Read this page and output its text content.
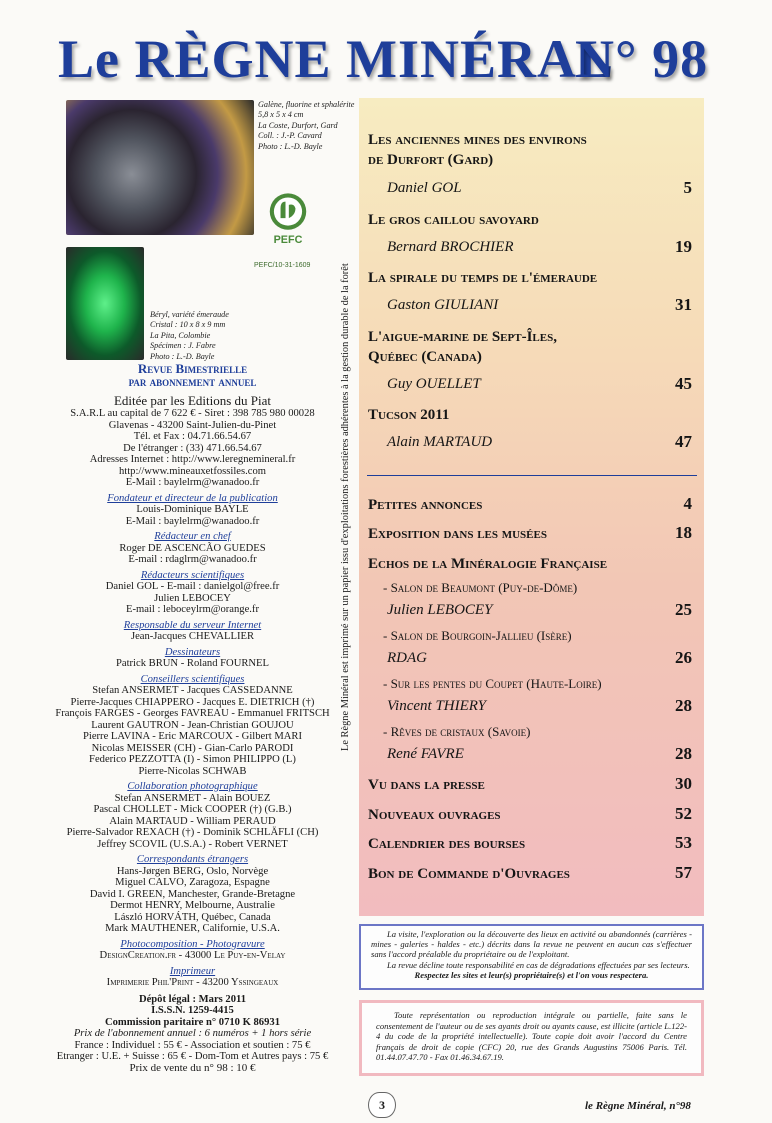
Le RÈGNE MINÉRAL
N° 98
Galène, fluorine et sphalérite
5,8 x 5 x 4 cm
La Coste, Durfort, Gard
Coll. : J.-P. Cavard
Photo : L.-D. Bayle
Béryl, variété émeraude
Cristal : 10 x 8 x 9 mm
La Pita, Colombie
Spécimen : J. Fabre
Photo : L.-D. Bayle
PEFC
PEFC/10-31-1609
Revue Bimestrielle
par abonnement annuel
Editée par les Editions du Piat
S.A.R.L au capital de 7 622 € - Siret : 398 785 980 00028
Glavenas - 43200 Saint-Julien-du-Pinet
Tél. et Fax : 04.71.66.54.67
De l'étranger : (33) 471.66.54.67
Adresses Internet : http://www.leregnemineral.fr
http://www.mineauxetfossiles.com
E-Mail : baylelrm@wanadoo.fr
Fondateur et directeur de la publication
Louis-Dominique BAYLE
E-Mail : baylelrm@wanadoo.fr
Rédacteur en chef
Roger DE ASCENCÃO GUEDES
E-mail : rdaglrm@wanadoo.fr
Rédacteurs scientifiques
Daniel GOL - E-mail : danielgol@free.fr
Julien LEBOCEY
E-mail : leboceylrm@orange.fr
Responsable du serveur Internet
Jean-Jacques CHEVALLIER
Dessinateurs
Patrick BRUN - Roland FOURNEL
Conseillers scientifiques
Stefan ANSERMET - Jacques CASSEDANNE
Pierre-Jacques CHIAPPERO - Jacques E. DIETRICH (†)
François FARGES - Georges FAVREAU - Emmanuel FRITSCH
Laurent GAUTRON - Jean-Christian GOUJOU
Pierre LAVINA - Eric MARCOUX - Gilbert MARI
Nicolas MEISSER (CH) - Gian-Carlo PARODI
Federico PEZZOTTA (I) - Simon PHILIPPO (L)
Pierre-Nicolas SCHWAB
Collaboration photographique
Stefan ANSERMET - Alain BOUEZ
Pascal CHOLLET - Mick COOPER (†) (G.B.)
Alain MARTAUD - William PERAUD
Pierre-Salvador REXACH (†) - Dominik SCHLÄFLI (CH)
Jeffrey SCOVIL (U.S.A.) - Robert VERNET
Correspondants étrangers
Hans-Jørgen BERG, Oslo, Norvège
Miguel CALVO, Zaragoza, Espagne
David I. GREEN, Manchester, Grande-Bretagne
Dermot HENRY, Melbourne, Australie
László HORVÁTH, Québec, Canada
Mark MAUTHENER, Californie, U.S.A.
Photocomposition - Photogravure
DesignCreation.fr - 43000 Le Puy-en-Velay
Imprimeur
Imprimerie Phil'Print - 43200 Yssingeaux
Dépôt légal : Mars 2011
I.S.S.N. 1259-4415
Commission paritaire n° 0710 K 86931
Prix de l'abonnement annuel : 6 numéros + 1 hors série
France : Individuel : 55 € - Association et soutien : 75 €
Etranger : U.E. + Suisse : 65 € - Dom-Tom et Autres pays : 75 €
Prix de vente du n° 98 : 10 €
Le Règne Minéral est imprimé sur un papier issu d'exploitations forestières adhérentes à la gestion durable de la forêt
Les anciennes mines des environs
de Durfort (Gard)
Daniel GOL	5
Le gros caillou savoyard
Bernard BROCHIER	19
La spirale du temps de l'émeraude
Gaston GIULIANI	31
L'aigue-marine de Sept-Îles,
Québec (Canada)
Guy OUELLET	45
Tucson 2011
Alain MARTAUD	47
Petites annonces	4
Exposition dans les musées	18
Echos de la Minéralogie Française
- Salon de Beaumont (Puy-de-Dôme)
Julien LEBOCEY	25
- Salon de Bourgoin-Jallieu (Isère)
RDAG	26
- Sur les pentes du Coupet (Haute-Loire)
Vincent THIERY	28
- Rêves de cristaux (Savoie)
René FAVRE	28
Vu dans la presse	30
Nouveaux ouvrages	52
Calendrier des bourses	53
Bon de Commande d'Ouvrages	57
La visite, l'exploration ou la découverte des lieux en activité ou abandonnés (carrières - mines - galeries - haldes - etc.) décrits dans la revue ne peuvent en aucun cas s'effectuer sans l'accord préalable du propriétaire ou de l'exploitant.
La revue décline toute responsabilité en cas de dégradations effectuées par ses lecteurs.
Respectez les sites et leur(s) propriétaire(s) et l'on vous respectera.
Toute représentation ou reproduction intégrale ou partielle, faite sans le consentement de l'auteur ou de ses ayants droit ou ayants cause, est illicite (article L.122-4 du code de la propriété intellectuelle). Toute copie doit avoir l'accord du Centre français de droit de copie (CFC) 20, rue des Grands Augustins 75006 Paris. Tél. 01.44.07.47.70 - Fax 01.46.34.67.19.
3	le Règne Minéral, n°98
